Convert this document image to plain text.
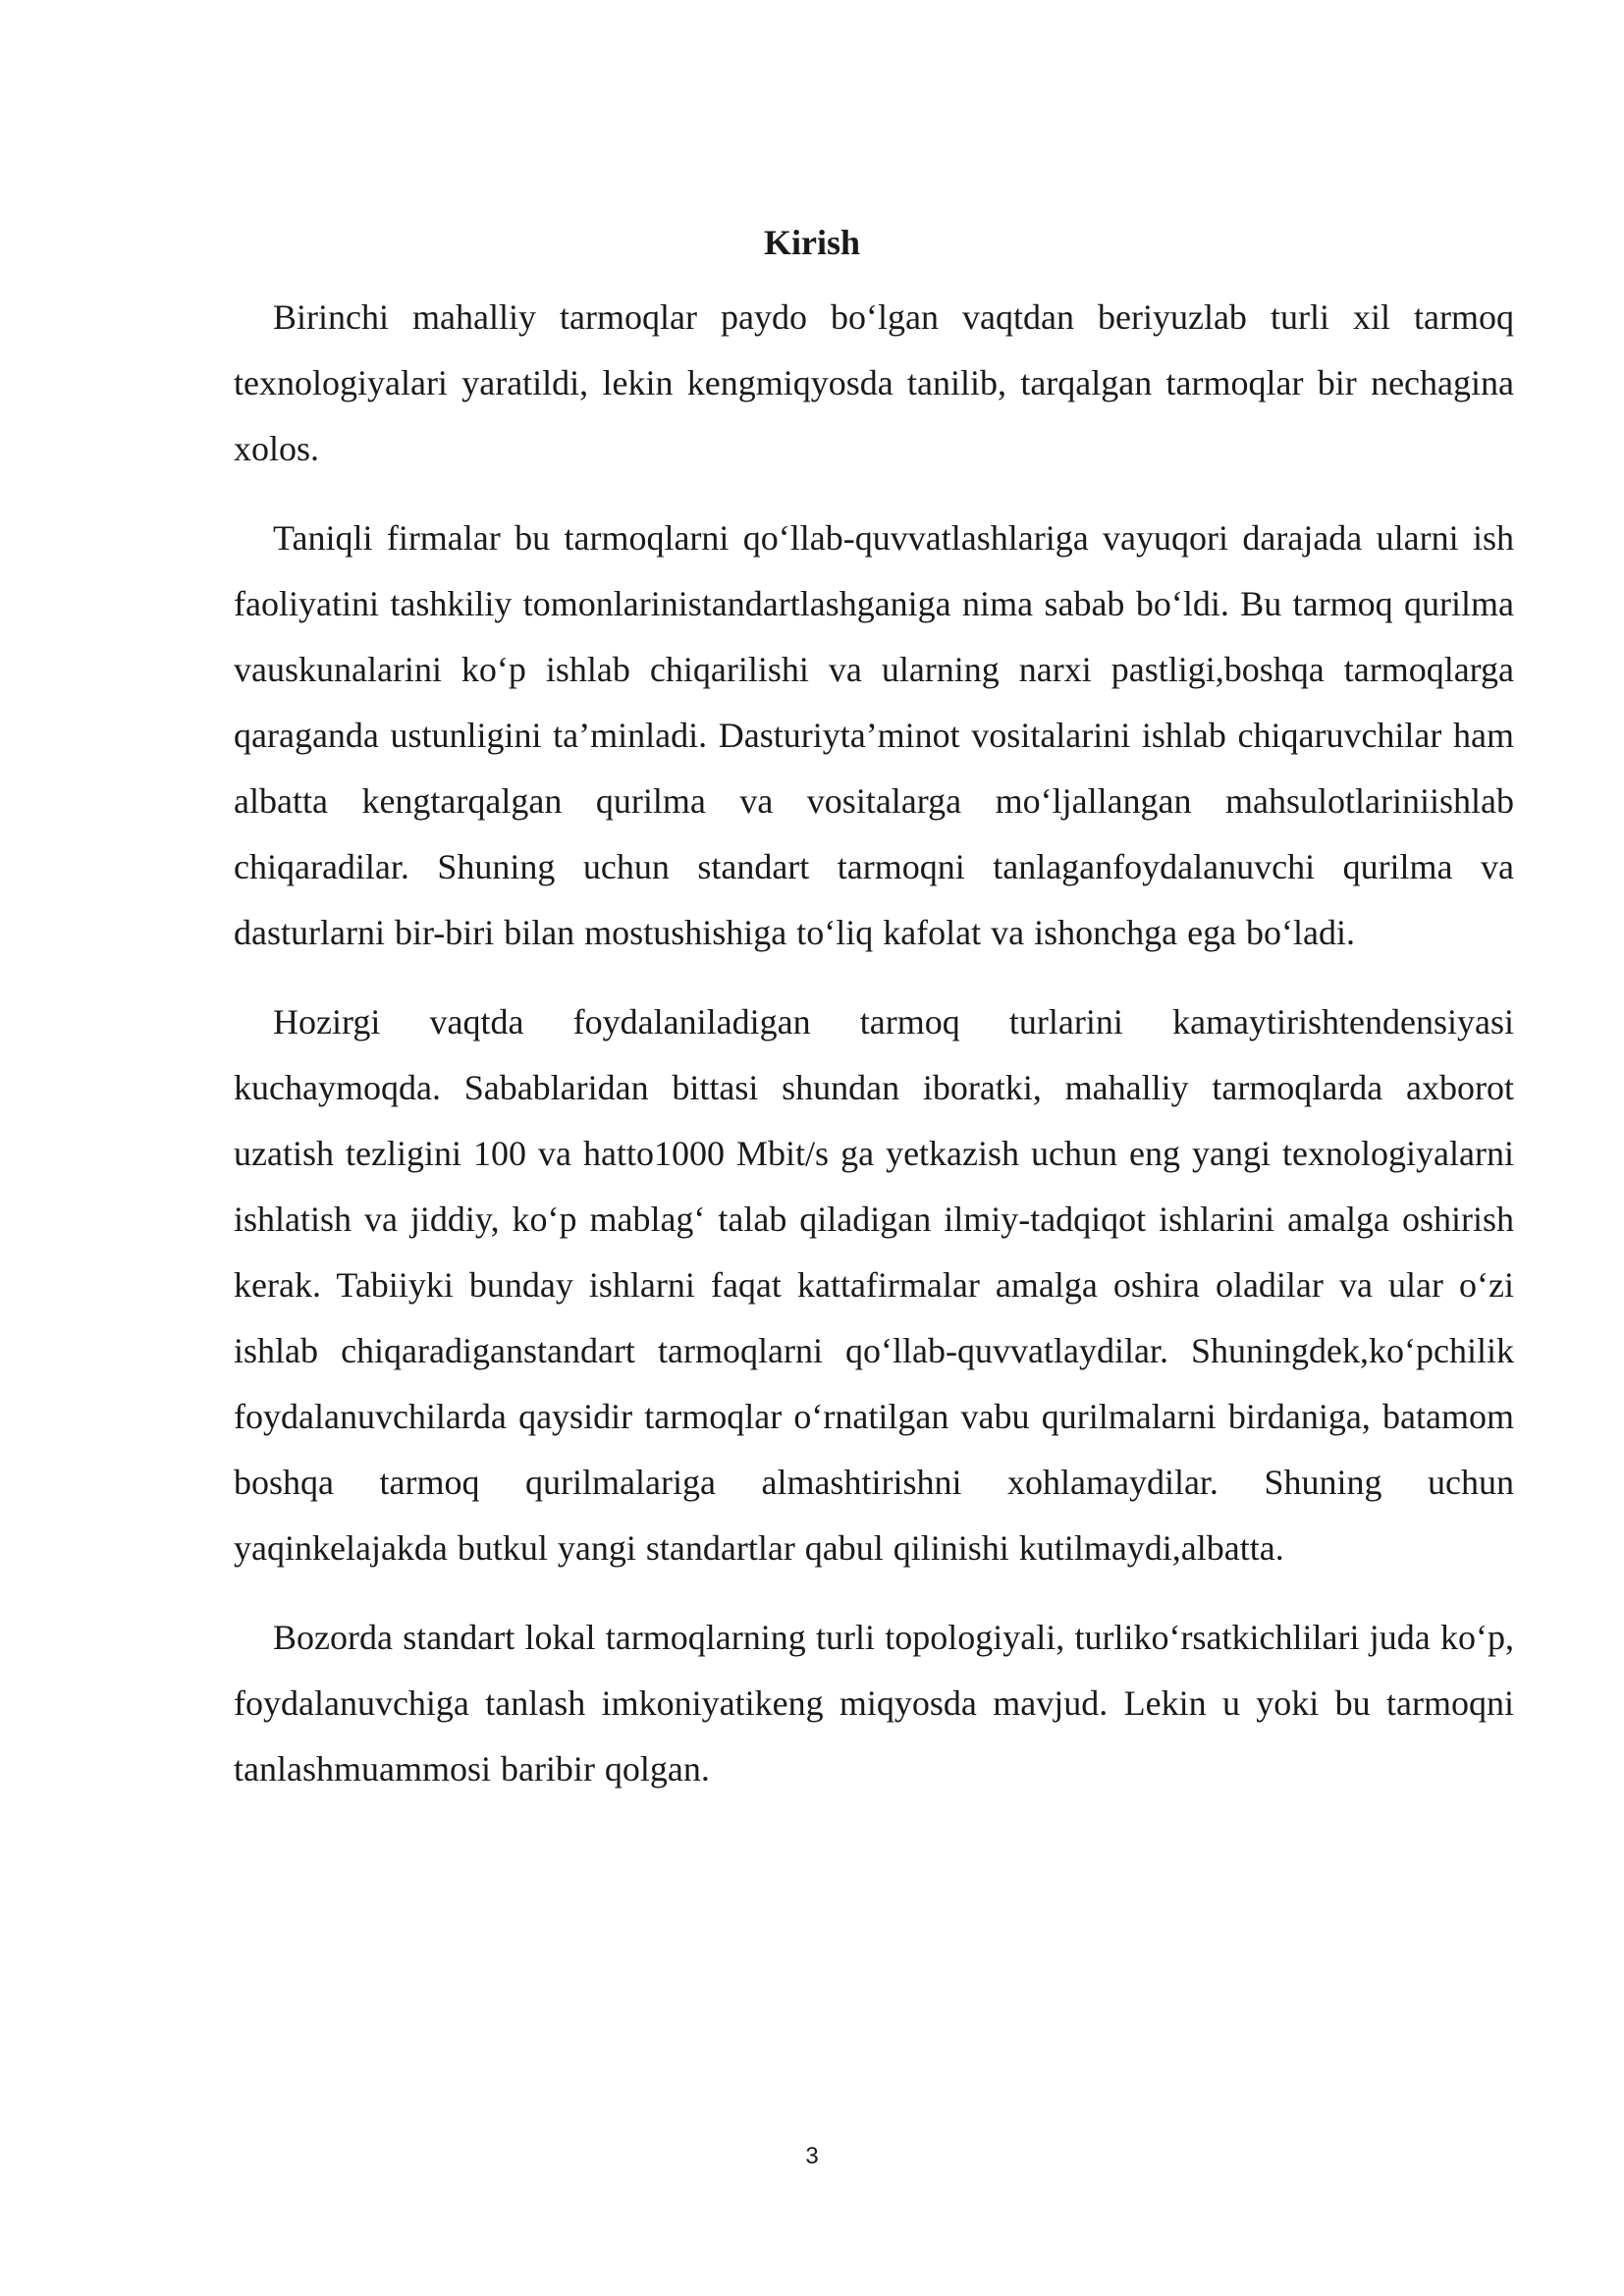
Kirish

Birinchi mahalliy tarmoqlar paydo bo‘lgan vaqtdan beriyuzlab turli xil tarmoq texnologiyalari yaratildi, lekin kengmiqyosda tanilib, tarqalgan tarmoqlar bir nechagina xolos.

Taniqli firmalar bu tarmoqlarni qo‘llab-quvvatlashlariga vayuqori darajada ularni ish faoliyatini tashkiliy tomonlarinistandartlashganiga nima sabab bo‘ldi. Bu tarmoq qurilma vauskunalarini ko‘p ishlab chiqarilishi va ularning narxi pastligi,boshqa tarmoqlarga qaraganda ustunligini ta’minladi. Dasturiyta’minot vositalarini ishlab chiqaruvchilar ham albatta kengtarqalgan qurilma va vositalarga mo‘ljallangan mahsulotlariniishlab chiqaradilar. Shuning uchun standart tarmoqni tanlaganfoydalanuvchi qurilma va dasturlarni bir-biri bilan mostushishiga to‘liq kafolat va ishonchga ega bo‘ladi.

Hozirgi vaqtda foydalaniladigan tarmoq turlarini kamaytirishtendensiyasi kuchaymoqda. Sabablaridan bittasi shundan iboratki, mahalliy tarmoqlarda axborot uzatish tezligini 100 va hatto1000 Mbit/s ga yetkazish uchun eng yangi texnologiyalarni ishlatish va jiddiy, ko‘p mablag‘ talab qiladigan ilmiy-tadqiqot ishlarini amalga oshirish kerak. Tabiiyki bunday ishlarni faqat kattafirmalar amalga oshira oladilar va ular o‘zi ishlab chiqaradiganstandart tarmoqlarni qo‘llab-quvvatlaydilar. Shuningdek,ko‘pchilik foydalanuvchilarda qaysidir tarmoqlar o‘rnatilgan vabu qurilmalarni birdaniga, batamom boshqa tarmoq qurilmalariga almashtirishni xohlamaydilar. Shuning uchun yaqinkelajakda butkul yangi standartlar qabul qilinishi kutilmaydi,albatta.

Bozorda standart lokal tarmoqlarning turli topologiyali, turliko‘rsatkichlilari juda ko‘p, foydalanuvchiga tanlash imkoniyatikeng miqyosda mavjud. Lekin u yoki bu tarmoqni tanlashmuammosi baribir qolgan.

3
